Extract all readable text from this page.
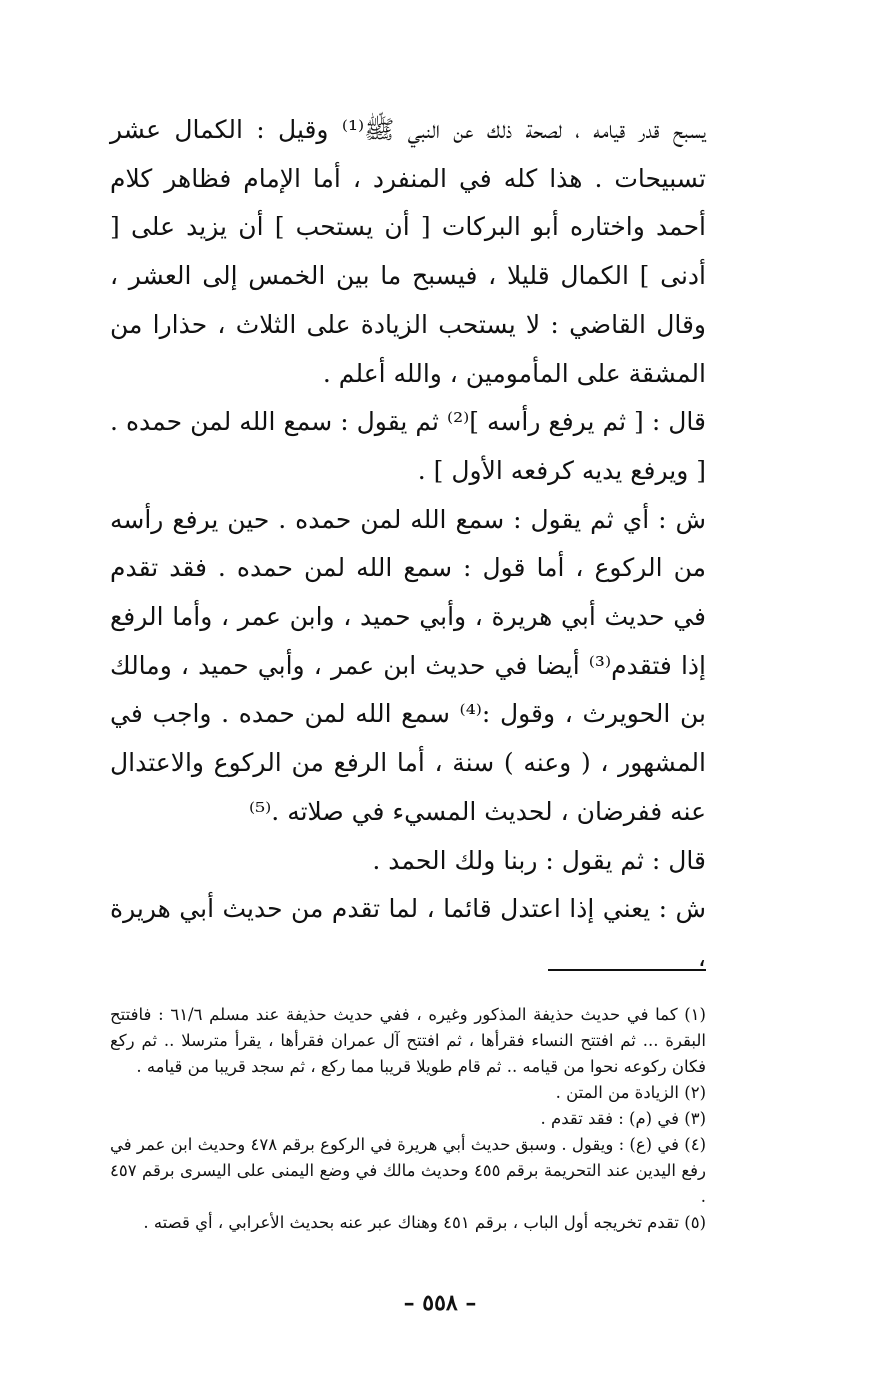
يسبح قدر قيامه ، لصحة ذلك عن النبي ﷺ⁽¹⁾ وقيل : الكمال عشر تسبيحات . هذا كله في المنفرد ، أما الإمام فظاهر كلام أحمد واختاره أبو البركات [ أن يستحب ] أن يزيد على [ أدنى ] الكمال قليلا ، فيسبح ما بين الخمس إلى العشر ، وقال القاضي : لا يستحب الزيادة على الثلاث ، حذارا من المشقة على المأمومين ، والله أعلم .

قال : [ ثم يرفع رأسه ]⁽²⁾ ثم يقول : سمع الله لمن حمده . [ ويرفع يديه كرفعه الأول ] .

ش : أي ثم يقول : سمع الله لمن حمده . حين يرفع رأسه من الركوع ، أما قول : سمع الله لمن حمده . فقد تقدم في حديث أبي هريرة ، وأبي حميد ، وابن عمر ، وأما الرفع إذا فتقدم⁽³⁾ أيضا في حديث ابن عمر ، وأبي حميد ، ومالك بن الحويرث ، وقول :⁽⁴⁾ سمع الله لمن حمده . واجب في المشهور ، ( وعنه ) سنة ، أما الرفع من الركوع والاعتدال عنه ففرضان ، لحديث المسيء في صلاته .⁽⁵⁾

قال : ثم يقول : ربنا ولك الحمد .

ش : يعني إذا اعتدل قائما ، لما تقدم من حديث أبي هريرة ،

(١) كما في حديث حذيفة المذكور وغيره ، ففي حديث حذيفة عند مسلم ٦١/٦ : فافتتح البقرة ... ثم افتتح النساء فقرأها ، ثم افتتح آل عمران فقرأها ، يقرأ مترسلا .. ثم ركع فكان ركوعه نحوا من قيامه .. ثم قام طويلا قريبا مما ركع ، ثم سجد قريبا من قيامه .

(٢) الزيادة من المتن .

(٣) في (م) : فقد تقدم .

(٤) في (ع) : ويقول . وسبق حديث أبي هريرة في الركوع برقم ٤٧٨ وحديث ابن عمر في رفع اليدين عند التحريمة برقم ٤٥٥ وحديث مالك في وضع اليمنى على اليسرى برقم ٤٥٧ .

(٥) تقدم تخريجه أول الباب ، برقم ٤٥١ وهناك عبر عنه بحديث الأعرابي ، أي قصته .

– ٥٥٨ –
